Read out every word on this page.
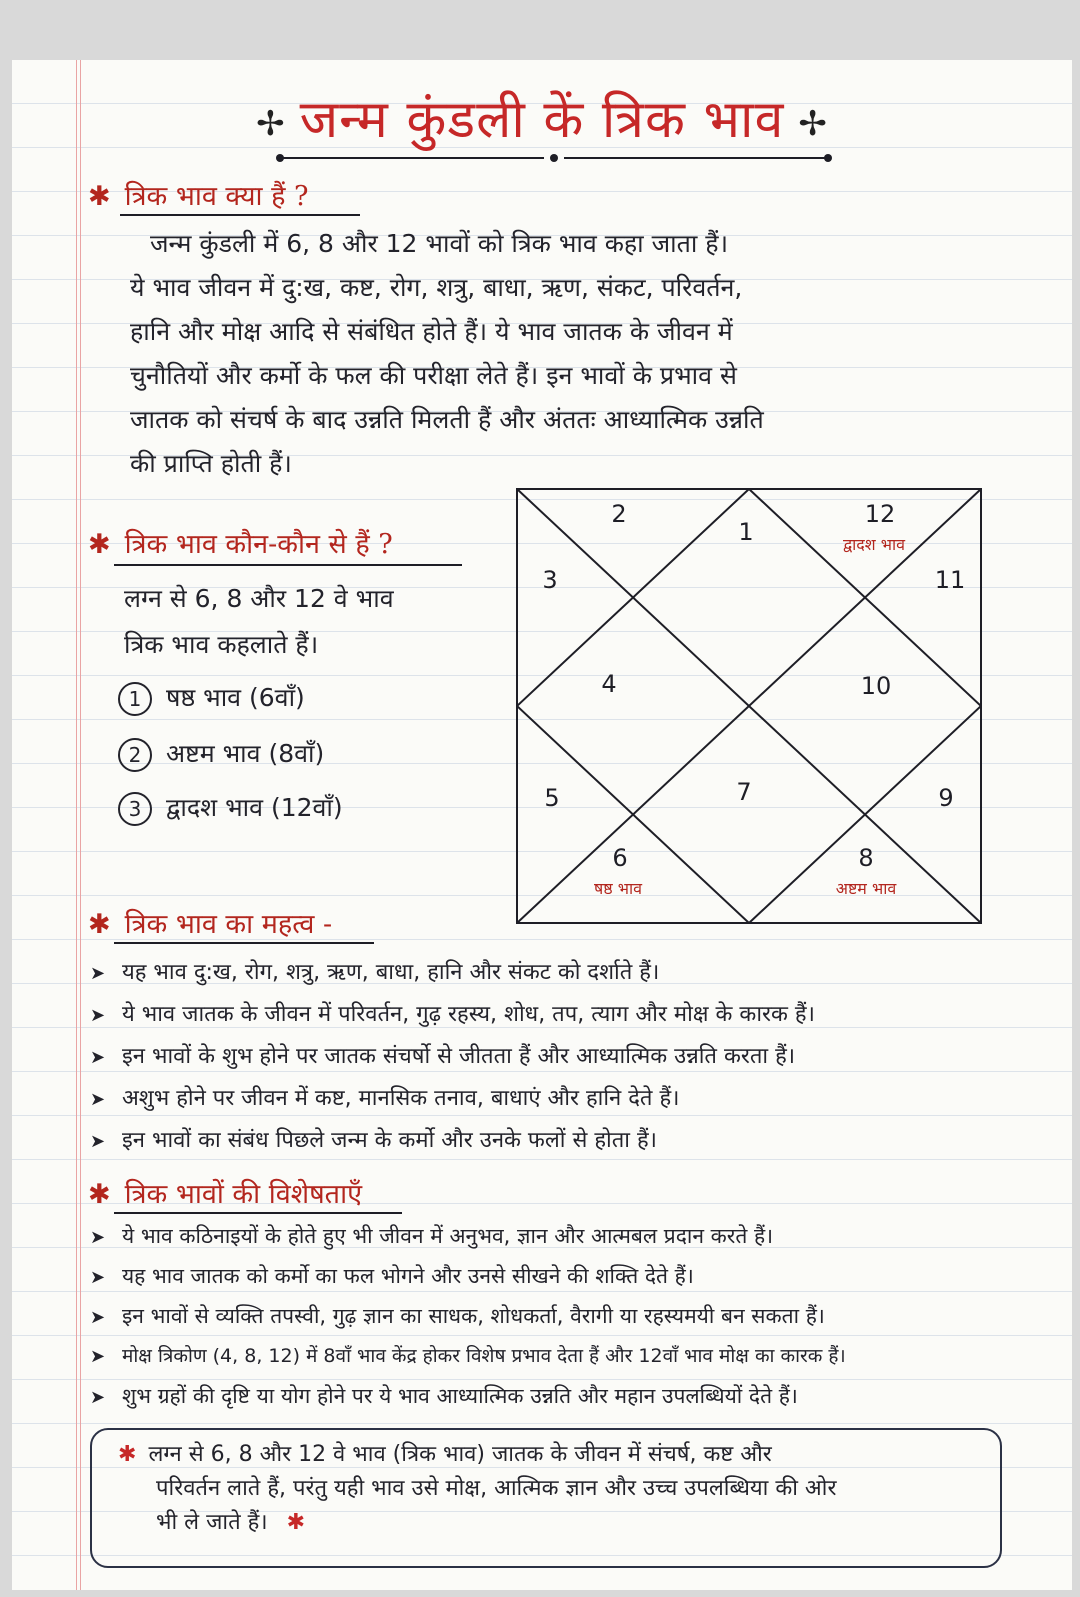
✢ जन्म कुंडली कें त्रिक भाव ✢
✱ त्रिक भाव क्या हैं ?

जन्म कुंडली में 6, 8 और 12 भावों को त्रिक भाव कहा जाता हैं।

ये भाव जीवन में दु:ख, कष्ट, रोग, शत्रु, बाधा, ऋण, संकट, परिवर्तन,

हानि और मोक्ष आदि से संबंधित होते हैं। ये भाव जातक के जीवन में

चुनौतियों और कर्मो के फल की परीक्षा लेते हैं। इन भावों के प्रभाव से

जातक को संचर्ष के बाद उन्नति मिलती हैं और अंततः आध्यात्मिक उन्नति

की प्राप्ति होती हैं।

✱ त्रिक भाव कौन-कौन से हैं ?
लग्न से 6, 8 और 12 वे भाव
त्रिक भाव कहलाते हैं।
1 षष्ठ भाव (6वाँ)
2 अष्टम भाव (8वाँ)
3 द्वादश भाव (12वाँ)
1
2
3
4
5
6
7
8
9
10
11
12
षष्ठ भाव	अष्टम भाव
द्वादश भाव
✱ त्रिक भाव का महत्व -
➤ यह भाव दु:ख, रोग, शत्रु, ऋण, बाधा, हानि और संकट को दर्शाते हैं।
➤ ये भाव जातक के जीवन में परिवर्तन, गुढ़ रहस्य, शोध, तप, त्याग और मोक्ष के कारक हैं।
➤ इन भावों के शुभ होने पर जातक संचर्षो से जीतता हैं और आध्यात्मिक उन्नति करता हैं।
➤ अशुभ होने पर जीवन में कष्ट, मानसिक तनाव, बाधाएं और हानि देते हैं।
➤ इन भावों का संबंध पिछले जन्म के कर्मो और उनके फलों से होता हैं।
✱ त्रिक भावों की विशेषताएँ
➤ ये भाव कठिनाइयों के होते हुए भी जीवन में अनुभव, ज्ञान और आत्मबल प्रदान करते हैं।
➤ यह भाव जातक को कर्मो का फल भोगने और उनसे सीखने की शक्ति देते हैं।
➤ इन भावों से व्यक्ति तपस्वी, गुढ़ ज्ञान का साधक, शोधकर्ता, वैरागी या रहस्यमयी बन सकता हैं।
➤ मोक्ष त्रिकोण (4, 8, 12) में 8वाँ भाव केंद्र होकर विशेष प्रभाव देता हैं और 12वाँ भाव मोक्ष का कारक हैं।
➤ शुभ ग्रहों की दृष्टि या योग होने पर ये भाव आध्यात्मिक उन्नति और महान उपलब्धियों देते हैं।
✱ लग्न से 6, 8 और 12 वे भाव (त्रिक भाव) जातक के जीवन में संचर्ष, कष्ट और
परिवर्तन लाते हैं, परंतु यही भाव उसे मोक्ष, आत्मिक ज्ञान और उच्च उपलब्धिया की ओर
भी ले जाते हैं। ✱
